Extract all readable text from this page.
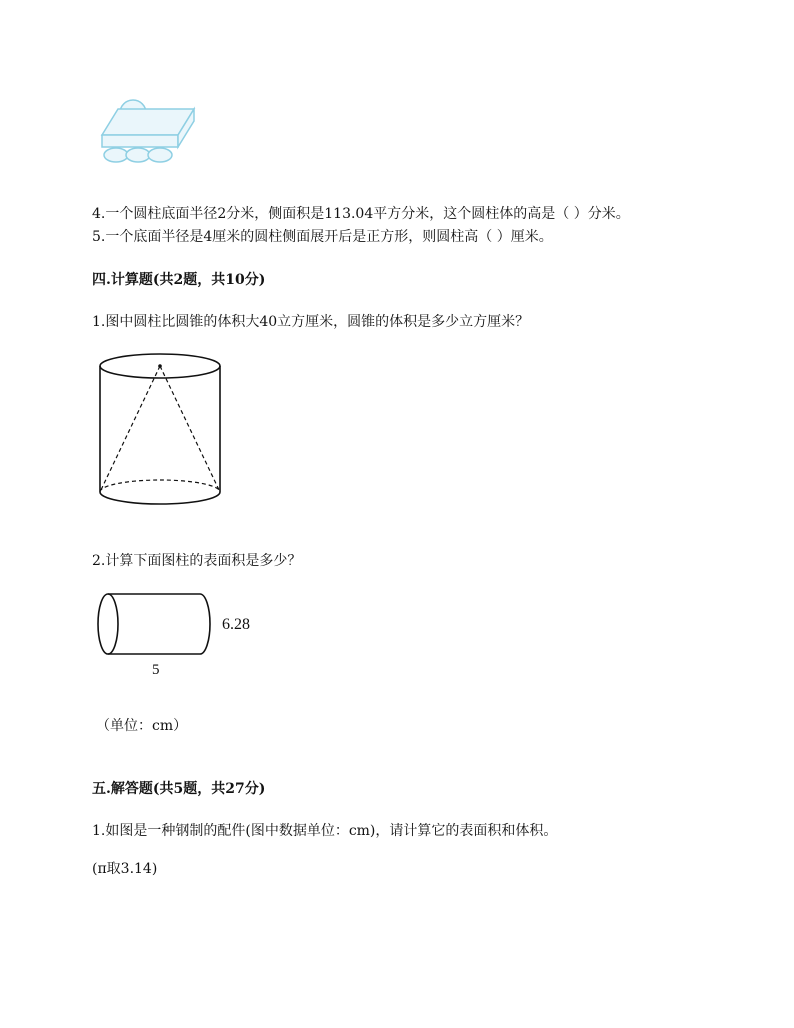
4.一个圆柱底面半径2分米，侧面积是113.04平方分米，这个圆柱体的高是（ ）分米。
5.一个底面半径是4厘米的圆柱侧面展开后是正方形，则圆柱高（ ）厘米。
四.计算题(共2题，共10分)
1.图中圆柱比圆锥的体积大40立方厘米，圆锥的体积是多少立方厘米？
2.计算下面图柱的表面积是多少？
6.28
5
（单位：cm）
五.解答题(共5题，共27分)
1.如图是一种钢制的配件(图中数据单位：cm)，请计算它的表面积和体积。
(π取3.14)
